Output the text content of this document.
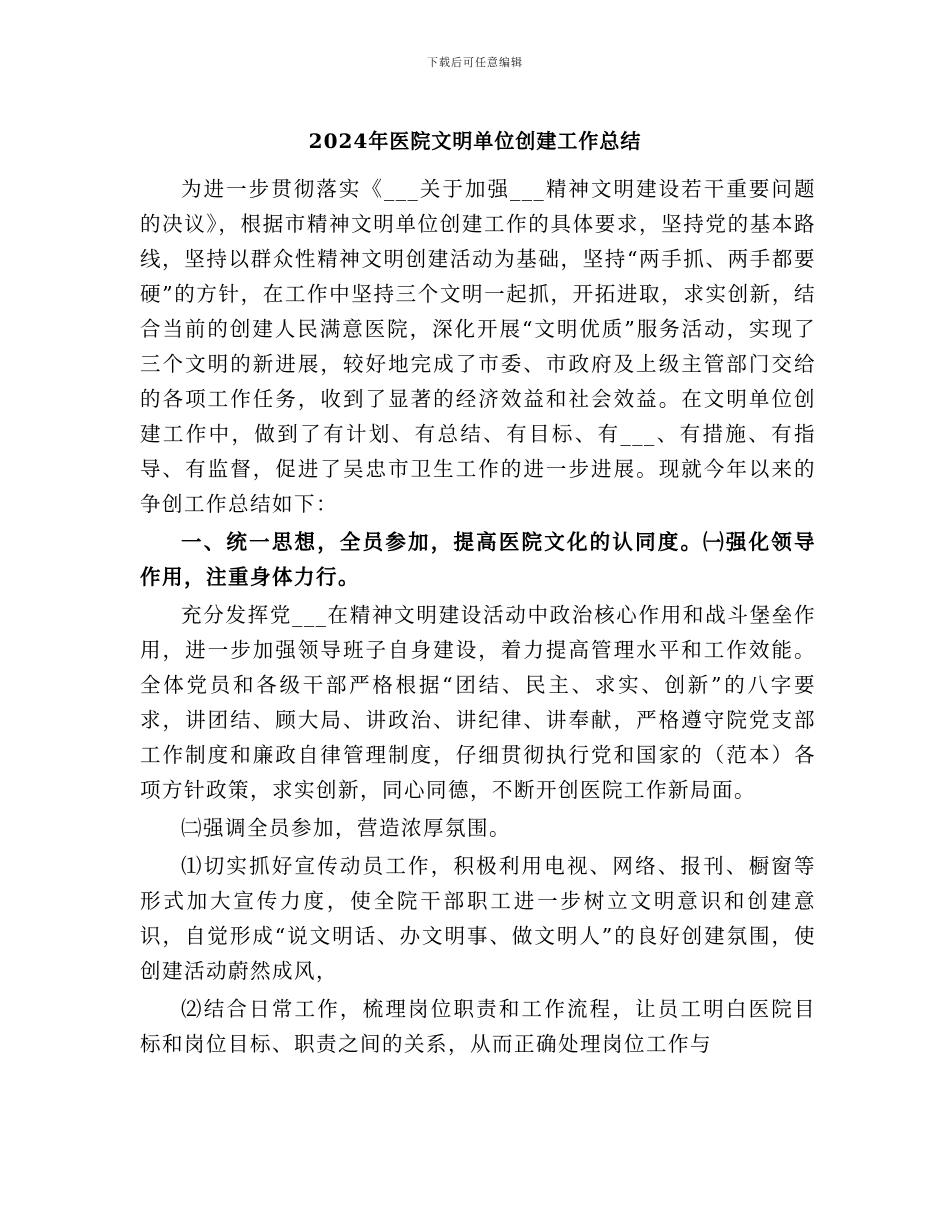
下载后可任意编辑
2024年医院文明单位创建工作总结

为进一步贯彻落实《___关于加强___精神文明建设若干重要问题的决议》，根据市精神文明单位创建工作的具体要求，坚持党的基本路线，坚持以群众性精神文明创建活动为基础，坚持“两手抓、两手都要硬”的方针，在工作中坚持三个文明一起抓，开拓进取，求实创新，结合当前的创建人民满意医院，深化开展“文明优质”服务活动，实现了三个文明的新进展，较好地完成了市委、市政府及上级主管部门交给的各项工作任务，收到了显著的经济效益和社会效益。在文明单位创建工作中，做到了有计划、有总结、有目标、有___、有措施、有指导、有监督，促进了吴忠市卫生工作的进一步进展。现就今年以来的争创工作总结如下：

一、统一思想，全员参加，提高医院文化的认同度。㈠强化领导作用，注重身体力行。

充分发挥党___在精神文明建设活动中政治核心作用和战斗堡垒作用，进一步加强领导班子自身建设，着力提高管理水平和工作效能。全体党员和各级干部严格根据“团结、民主、求实、创新”的八字要求，讲团结、顾大局、讲政治、讲纪律、讲奉献，严格遵守院党支部工作制度和廉政自律管理制度，仔细贯彻执行党和国家的（范本）各项方针政策，求实创新，同心同德，不断开创医院工作新局面。

㈡强调全员参加，营造浓厚氛围。

⑴切实抓好宣传动员工作，积极利用电视、网络、报刊、橱窗等形式加大宣传力度，使全院干部职工进一步树立文明意识和创建意识，自觉形成“说文明话、办文明事、做文明人”的良好创建氛围，使创建活动蔚然成风，

⑵结合日常工作，梳理岗位职责和工作流程，让员工明白医院目标和岗位目标、职责之间的关系，从而正确处理岗位工作与
